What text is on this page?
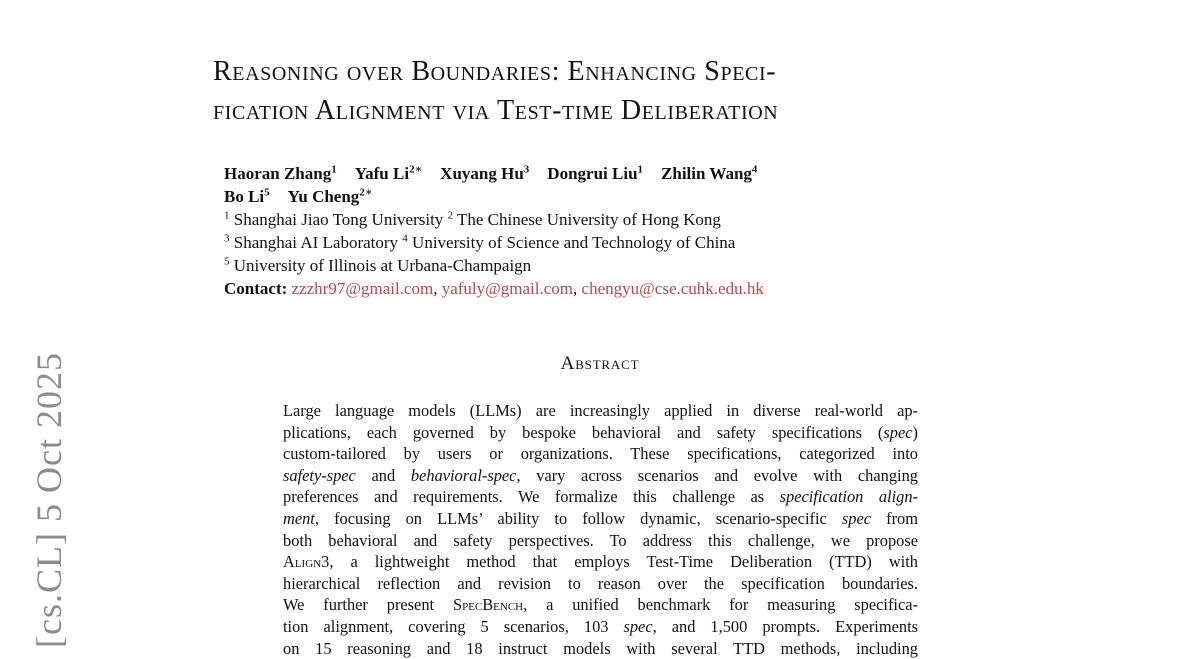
[cs.CL] 5 Oct 2025
Reasoning over Boundaries: Enhancing Speci-
fication Alignment via Test-time Deliberation
Haoran Zhang$^1$ Yafu $Li^{2∗}$ Xuyang Hu$^3$ Dongrui Liu$^1$ Zhilin Wang$^4$
Bo Li$^5$ Yu Cheng$^{2∗}$
$^1$ Shanghai Jiao Tong University $^2$ The Chinese University of Hong Kong
$^3$ Shanghai AI Laboratory $^4$ University of Science and Technology of China
$^5$ University of Illinois at Urbana-Champaign
Contact: zzzhr97@gmail.com, yafuly@gmail.com, chengyu@cse.cuhk.edu.hk
Abstract
Large language models (LLMs) are increasingly applied in diverse real-world ap-
plications, each governed by bespoke behavioral and safety specifications (spec)
custom-tailored by users or organizations. These specifications, categorized into
safety-spec and behavioral-spec, vary across scenarios and evolve with changing
preferences and requirements. We formalize this challenge as specification align-
ment, focusing on LLMs’ ability to follow dynamic, scenario-specific spec from
both behavioral and safety perspectives. To address this challenge, we propose
Align3, a lightweight method that employs Test-Time Deliberation (TTD) with
hierarchical reflection and revision to reason over the specification boundaries.
We further present SpecBench, a unified benchmark for measuring specifica-
tion alignment, covering 5 scenarios, 103 spec, and 1,500 prompts. Experiments
on 15 reasoning and 18 instruct models with several TTD methods, including
